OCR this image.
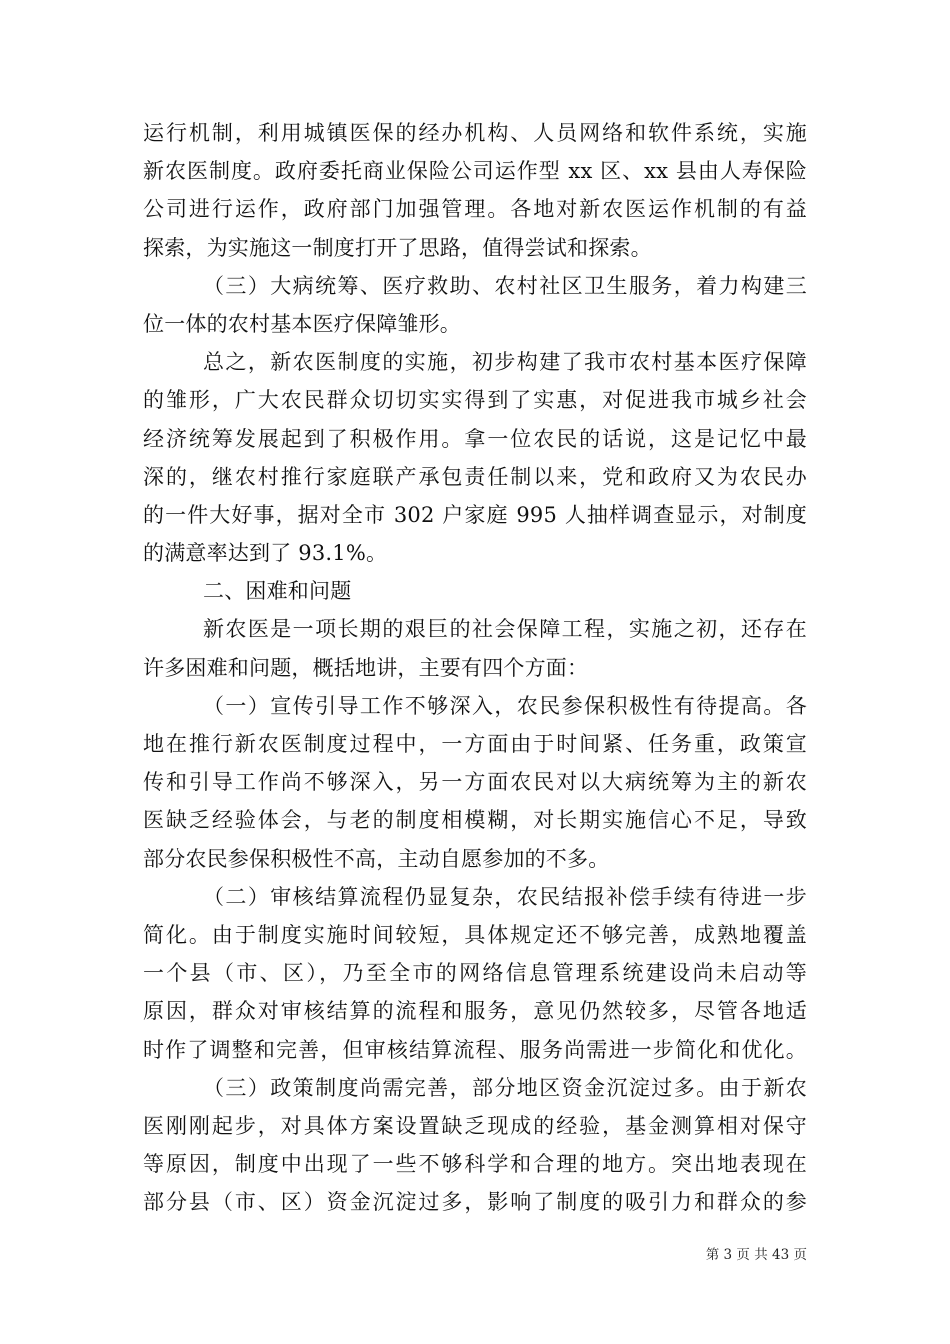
运行机制，利用城镇医保的经办机构、人员网络和软件系统，实施
新农医制度。政府委托商业保险公司运作型 xx 区、xx 县由人寿保险
公司进行运作，政府部门加强管理。各地对新农医运作机制的有益
探索，为实施这一制度打开了思路，值得尝试和探索。
（三）大病统筹、医疗救助、农村社区卫生服务，着力构建三
位一体的农村基本医疗保障雏形。
总之，新农医制度的实施，初步构建了我市农村基本医疗保障
的雏形，广大农民群众切切实实得到了实惠，对促进我市城乡社会
经济统筹发展起到了积极作用。拿一位农民的话说，这是记忆中最
深的，继农村推行家庭联产承包责任制以来，党和政府又为农民办
的一件大好事，据对全市 302 户家庭 995 人抽样调查显示，对制度
的满意率达到了 93.1%。
二、困难和问题
新农医是一项长期的艰巨的社会保障工程，实施之初，还存在
许多困难和问题，概括地讲，主要有四个方面：
（一）宣传引导工作不够深入，农民参保积极性有待提高。各
地在推行新农医制度过程中，一方面由于时间紧、任务重，政策宣
传和引导工作尚不够深入，另一方面农民对以大病统筹为主的新农
医缺乏经验体会，与老的制度相模糊，对长期实施信心不足，导致
部分农民参保积极性不高，主动自愿参加的不多。
（二）审核结算流程仍显复杂，农民结报补偿手续有待进一步
简化。由于制度实施时间较短，具体规定还不够完善，成熟地覆盖
一个县（市、区），乃至全市的网络信息管理系统建设尚未启动等
原因，群众对审核结算的流程和服务，意见仍然较多，尽管各地适
时作了调整和完善，但审核结算流程、服务尚需进一步简化和优化。
（三）政策制度尚需完善，部分地区资金沉淀过多。由于新农
医刚刚起步，对具体方案设置缺乏现成的经验，基金测算相对保守
等原因，制度中出现了一些不够科学和合理的地方。突出地表现在
部分县（市、区）资金沉淀过多，影响了制度的吸引力和群众的参
第 3 页 共 43 页
